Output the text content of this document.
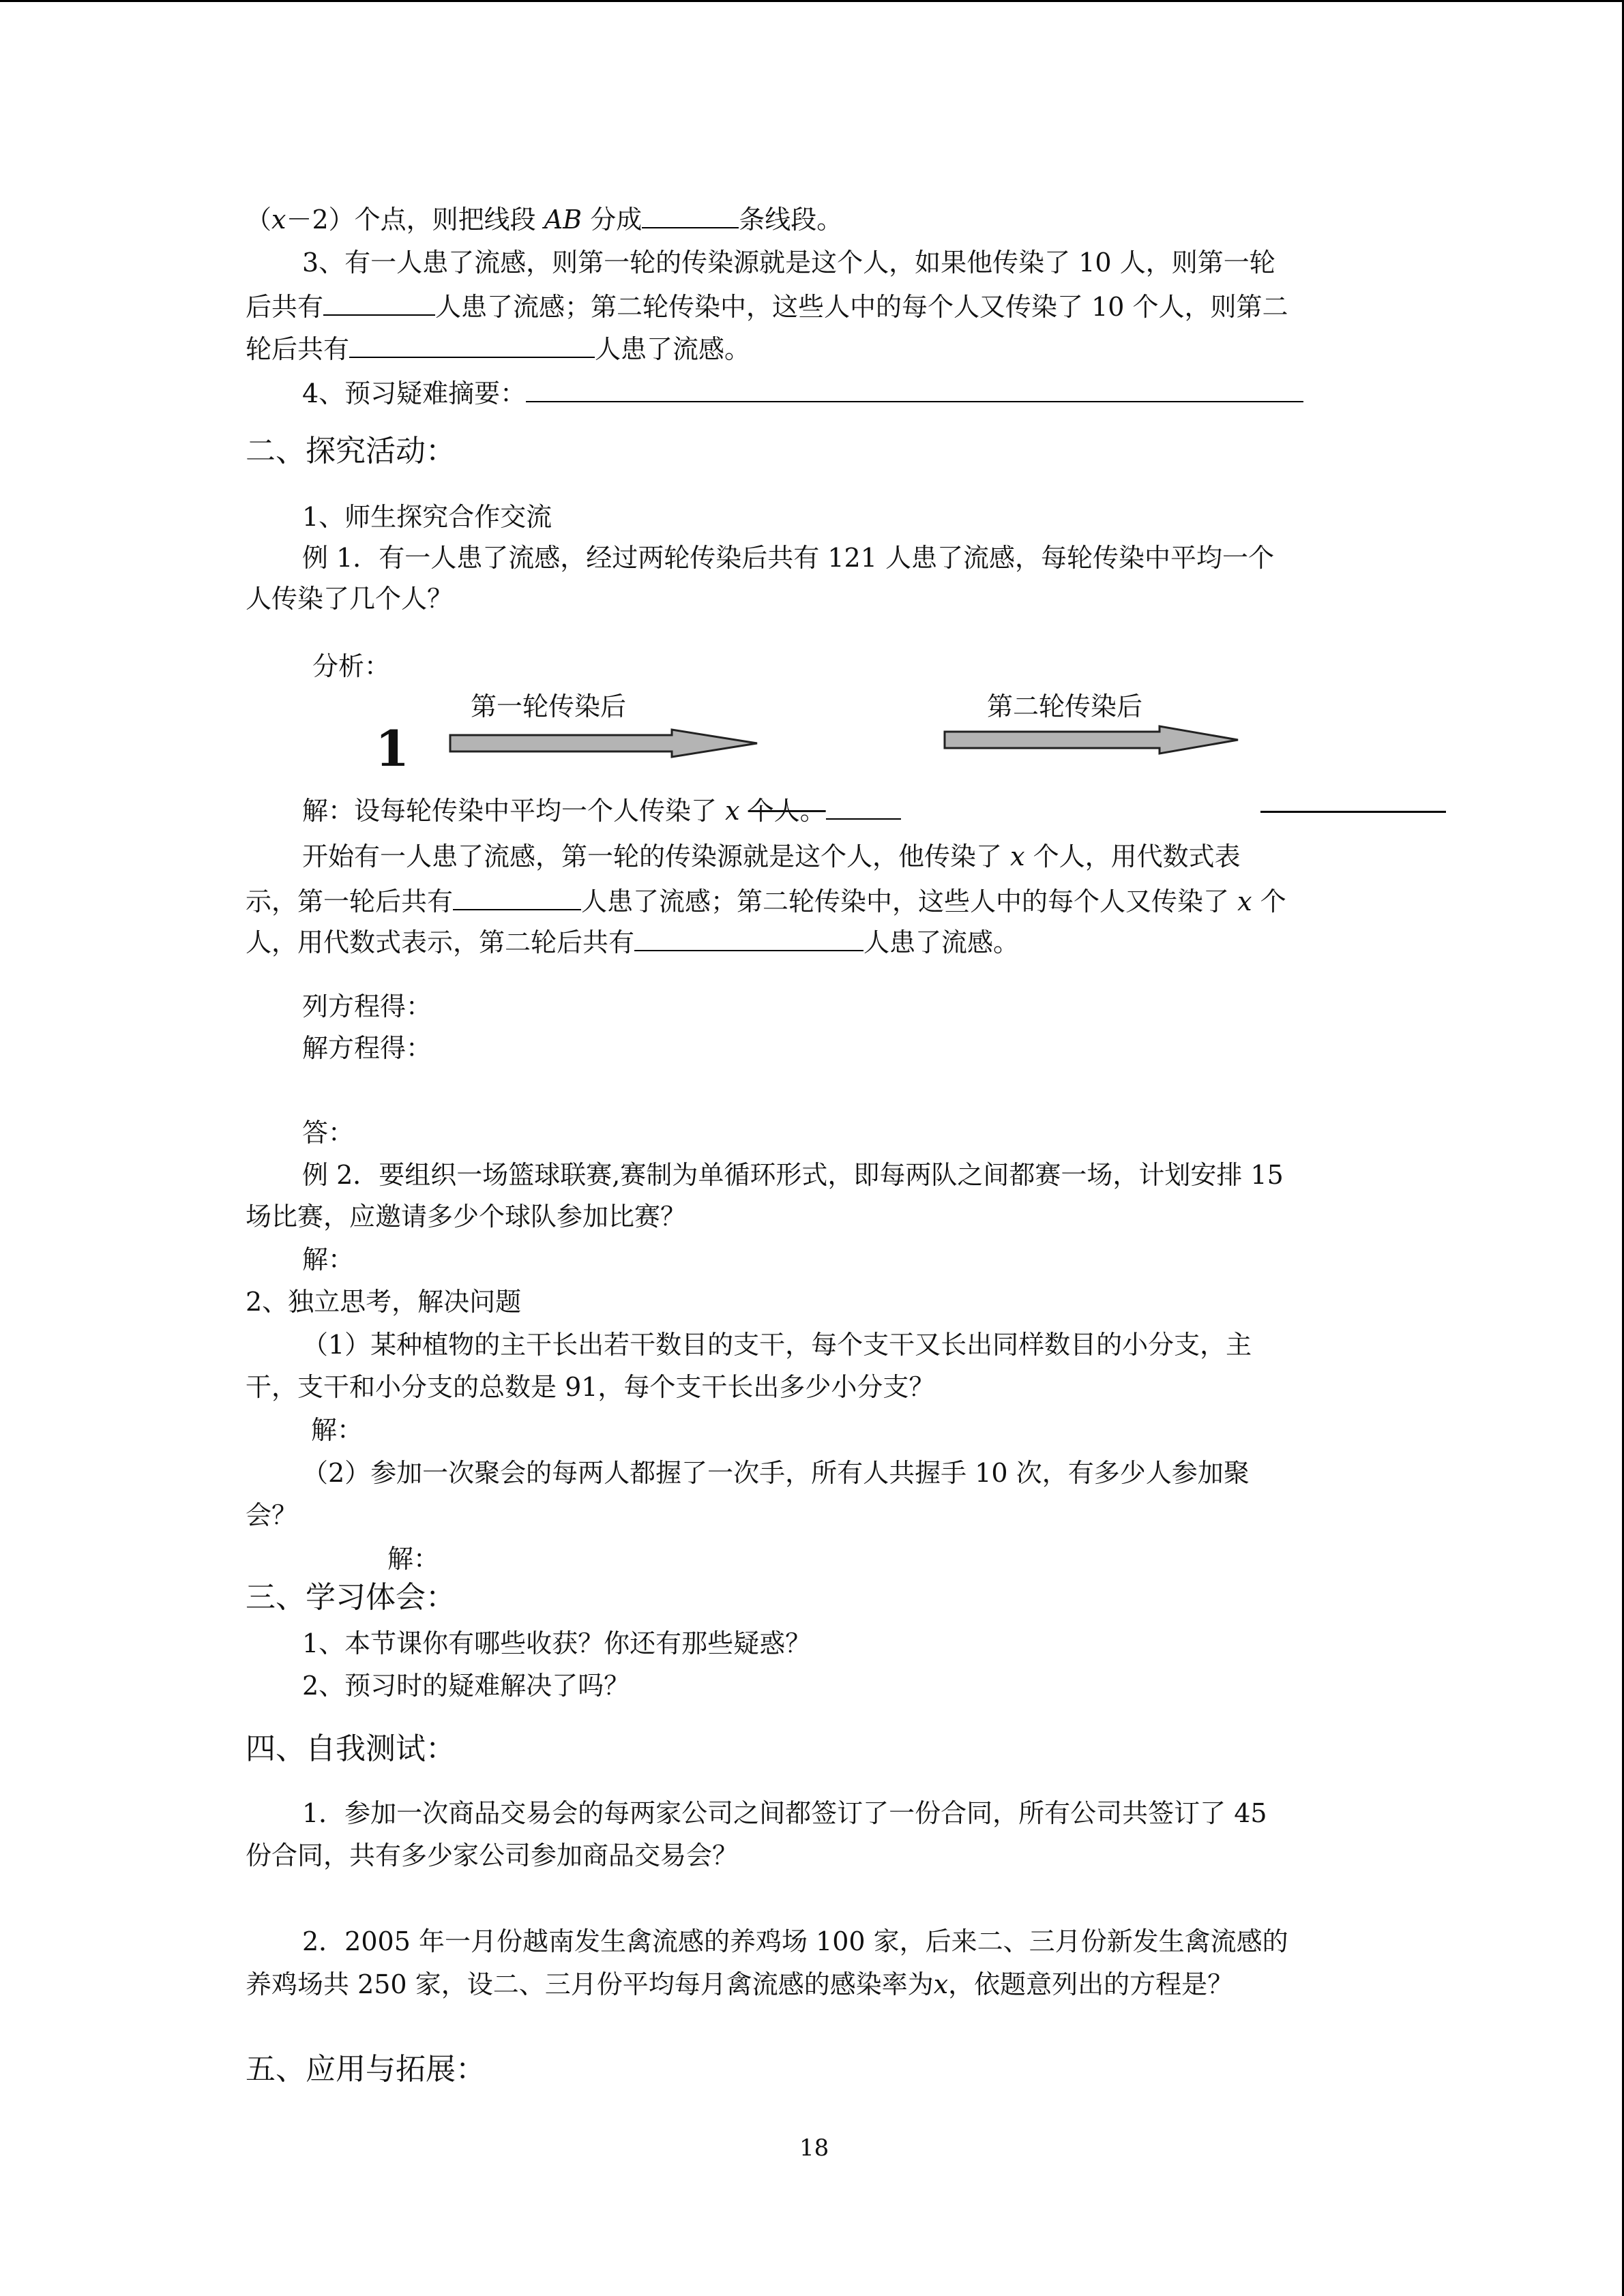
（x－2）个点，则把线段 AB 分成	条线段。
3、有一人患了流感，则第一轮的传染源就是这个人，如果他传染了 10 人，则第一轮
后共有	人患了流感；第二轮传染中，这些人中的每个人又传染了 10 个人，则第二
轮后共有	人患了流感。
4、预习疑难摘要：
二、探究活动：
1、师生探究合作交流
例 1．有一人患了流感，经过两轮传染后共有 121 人患了流感，每轮传染中平均一个
人传染了几个人？
分析：
第一轮传染后	第二轮传染后
1
解：设每轮传染中平均一个人传染了 x 个人。
开始有一人患了流感，第一轮的传染源就是这个人，他传染了 x 个人，用代数式表
示，第一轮后共有	人患了流感；第二轮传染中，这些人中的每个人又传染了 x 个
人，用代数式表示，第二轮后共有	人患了流感。
列方程得：
解方程得：
答：
例 2．要组织一场篮球联赛,赛制为单循环形式，即每两队之间都赛一场，计划安排 15
场比赛，应邀请多少个球队参加比赛？
解：
2、独立思考，解决问题
（1）某种植物的主干长出若干数目的支干，每个支干又长出同样数目的小分支，主
干，支干和小分支的总数是 91，每个支干长出多少小分支？
解：
（2）参加一次聚会的每两人都握了一次手，所有人共握手 10 次，有多少人参加聚
会？
解：
三、学习体会：
1、本节课你有哪些收获？你还有那些疑惑？
2、预习时的疑难解决了吗？
四、自我测试：
1．参加一次商品交易会的每两家公司之间都签订了一份合同，所有公司共签订了 45
份合同，共有多少家公司参加商品交易会？
2．2005 年一月份越南发生禽流感的养鸡场 100 家，后来二、三月份新发生禽流感的
养鸡场共 250 家，设二、三月份平均每月禽流感的感染率为x，依题意列出的方程是？
五、应用与拓展：
18
